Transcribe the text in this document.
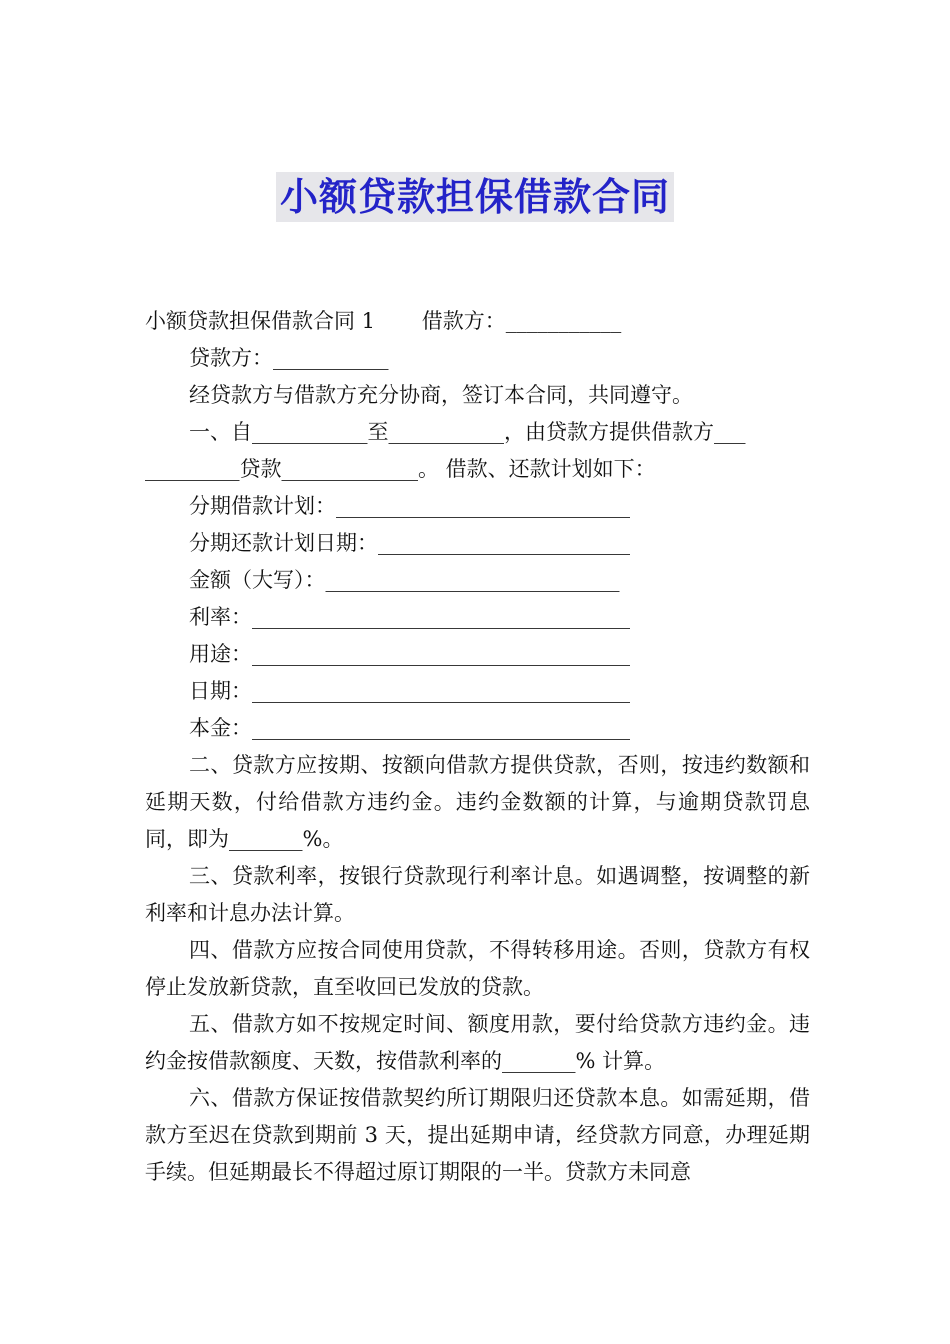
小额贷款担保借款合同
小额贷款担保借款合同 1       借款方：___________
贷款方：___________
经贷款方与借款方充分协商，签订本合同，共同遵守。
一、自___________至___________，由贷款方提供借款方___
_________贷款_____________。 借款、还款计划如下：
分期借款计划：____________________________
分期还款计划日期：________________________
金额（大写）：____________________________
利率：____________________________________
用途：____________________________________
日期：____________________________________
本金：____________________________________
二、贷款方应按期、按额向借款方提供贷款，否则，按违约数额和延期天数，付给借款方违约金。违约金数额的计算，与逾期贷款罚息同，即为_______%。
三、贷款利率，按银行贷款现行利率计息。如遇调整，按调整的新利率和计息办法计算。
四、借款方应按合同使用贷款，不得转移用途。否则，贷款方有权停止发放新贷款，直至收回已发放的贷款。
五、借款方如不按规定时间、额度用款，要付给贷款方违约金。违约金按借款额度、天数，按借款利率的_______% 计算。
六、借款方保证按借款契约所订期限归还贷款本息。如需延期，借款方至迟在贷款到期前 3 天，提出延期申请，经贷款方同意，办理延期手续。但延期最长不得超过原订期限的一半。贷款方未同意
